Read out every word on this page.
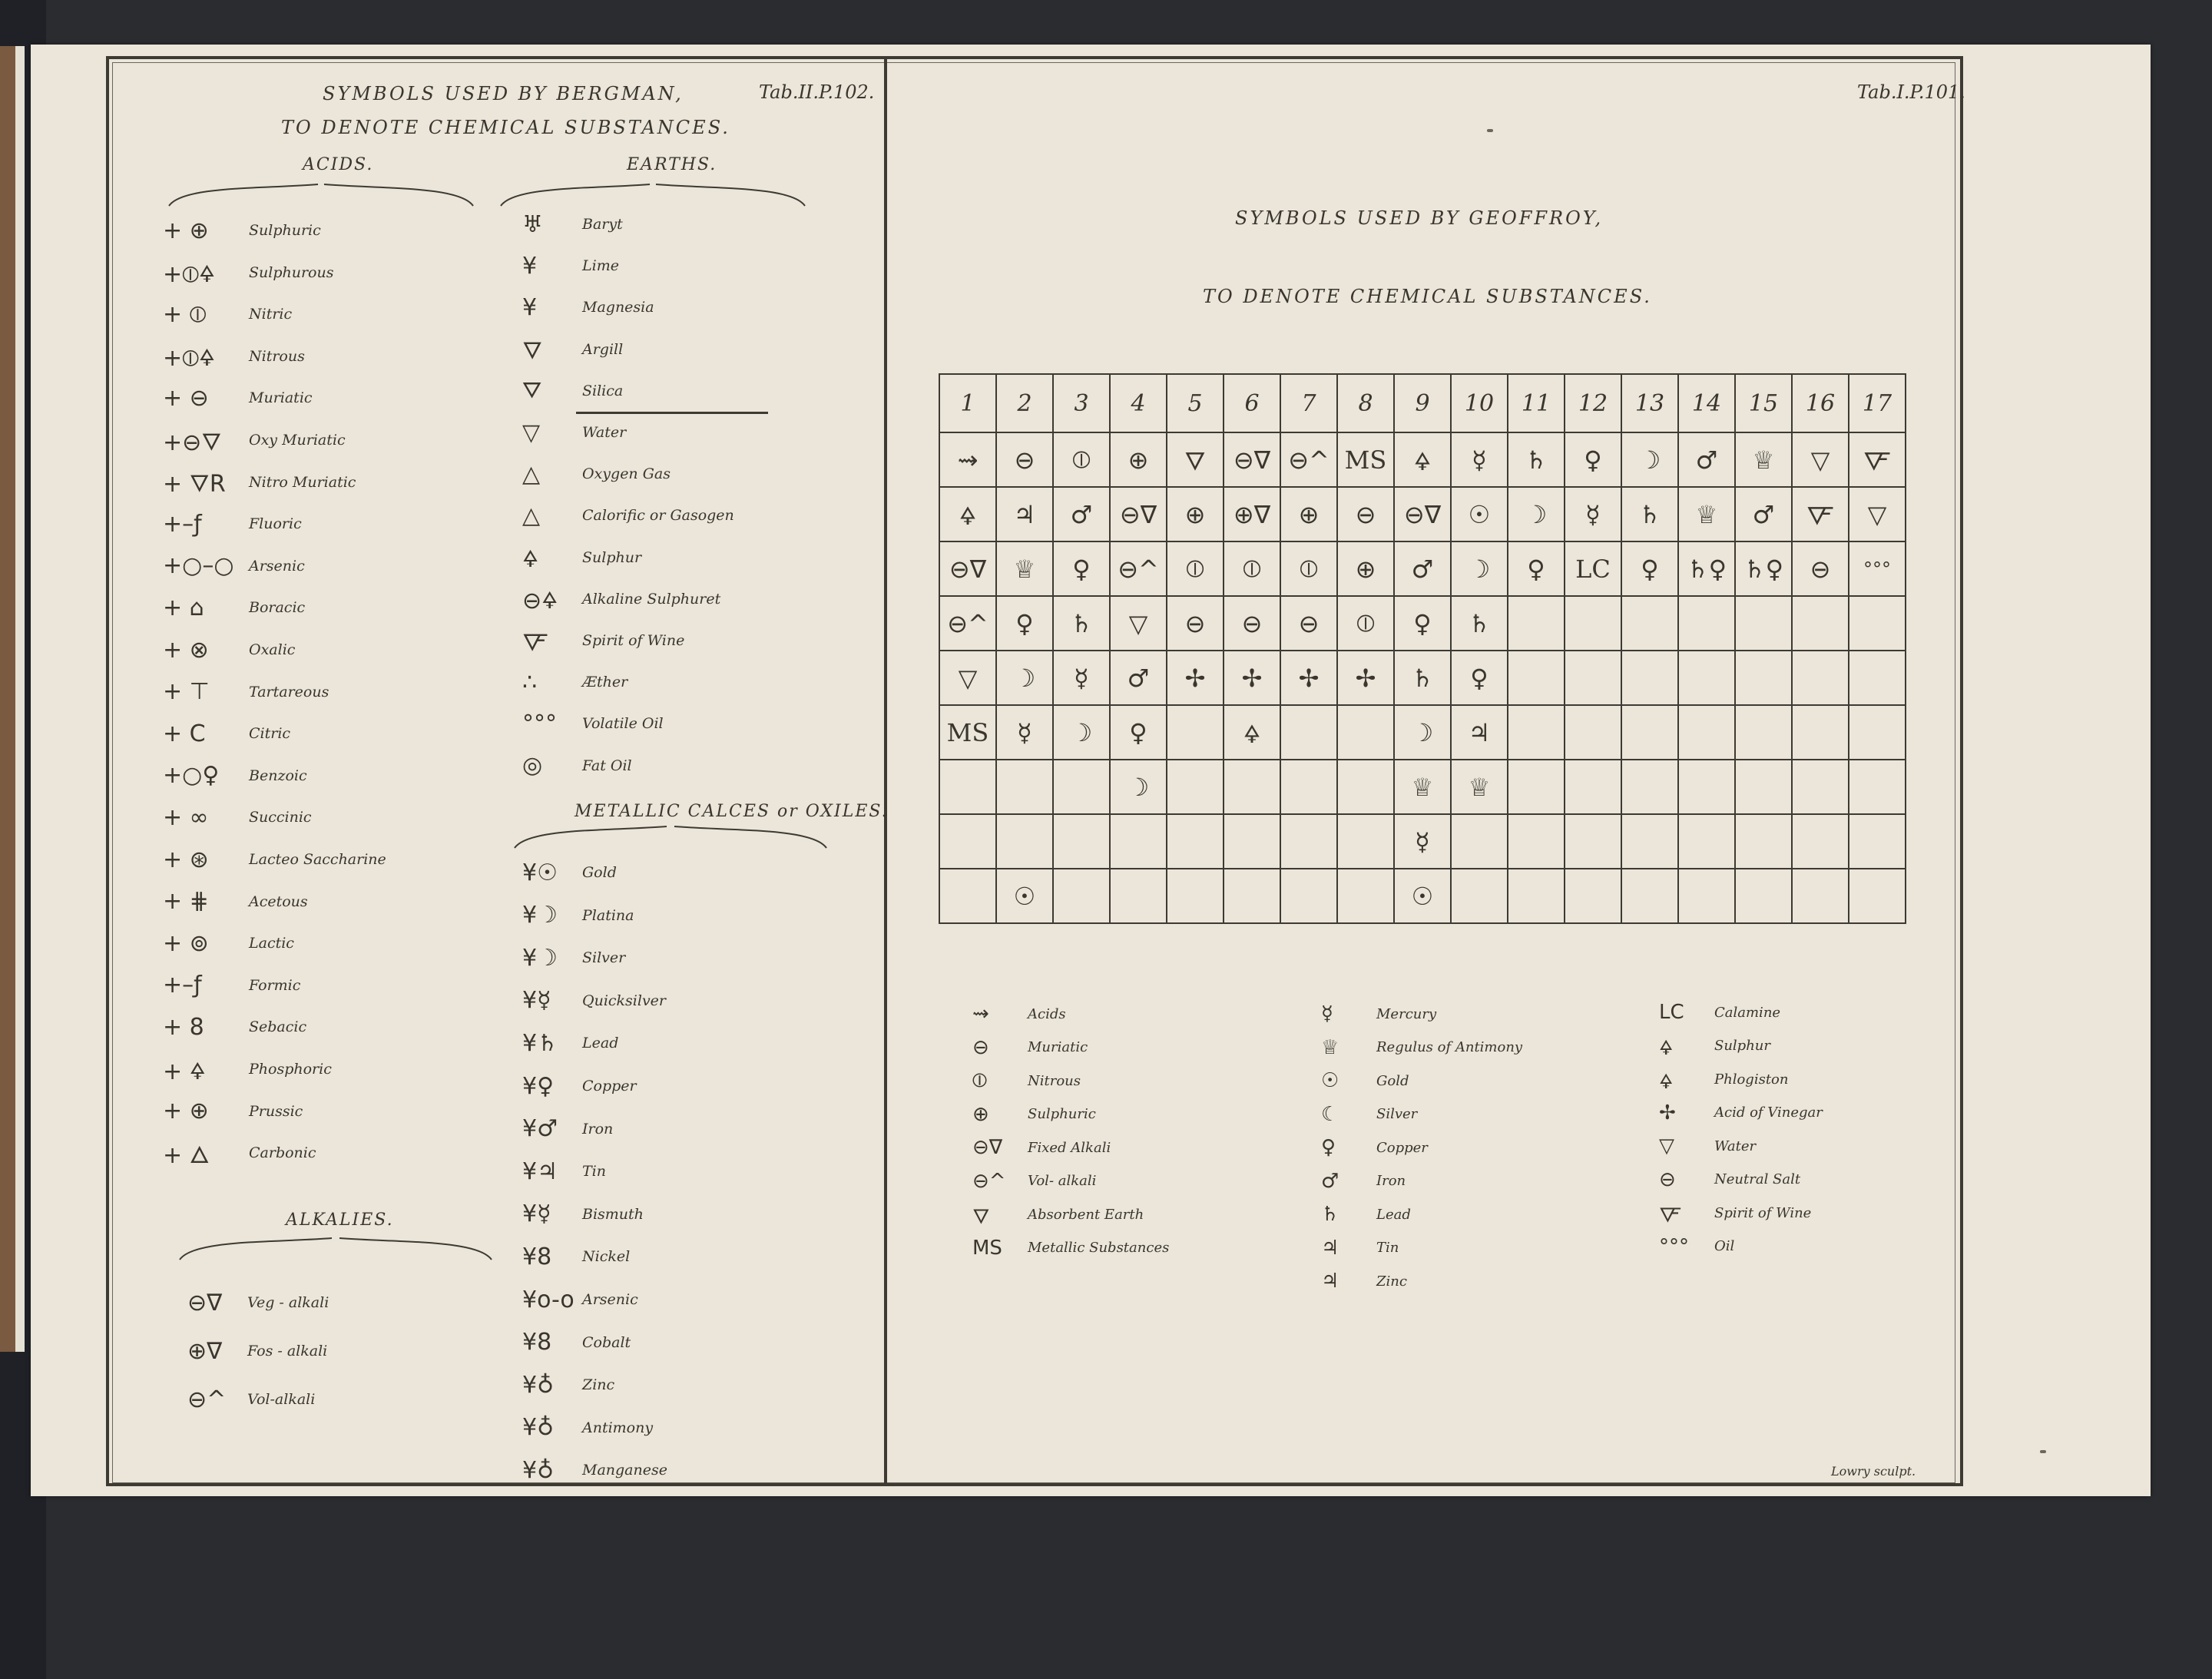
SYMBOLS USED BY BERGMAN,
TO DENOTE CHEMICAL SUBSTANCES.
Tab.II.P.102.
ACIDS.	EARTHS.
+ ⊕	Sulphuric
+⦶🜍	Sulphurous
+ ⦶	Nitric
+⦶🜍	Nitrous
+ ⊖	Muriatic
+⊖🜄	Oxy Muriatic
+ 🜄R	Nitro Muriatic
+–ƒ	Fluoric
+○–○	Arsenic
+ ⌂	Boracic
+ ⊗	Oxalic
+ ⊤	Tartareous
+ C	Citric
+○♀	Benzoic
+ ∞	Succinic
+ ⊛	Lacteo Saccharine
+ ⋕	Acetous
+ ⊚	Lactic
+–ƒ	Formic
+ 8	Sebacic
+ 🜍	Phosphoric
+ ⊕	Prussic
+ 🜂	Carbonic
♅	Baryt
¥	Lime
¥	Magnesia
🜄	Argill
⛛	Silica
▽	Water
△	Oxygen Gas
△	Calorific or Gasogen
🜍	Sulphur
⊖🜍	Alkaline Sulphuret
🜅	Spirit of Wine
∴	Æther
°°°	Volatile Oil
◎	Fat Oil
METALLIC CALCES or OXILES.
¥☉	Gold
¥☽	Platina
¥☽	Silver
¥☿	Quicksilver
¥♄	Lead
¥♀	Copper
¥♂	Iron
¥♃	Tin
¥☿	Bismuth
¥8	Nickel
¥o-o Arsenic
¥8	Cobalt
¥♁	Zinc
¥♁	Antimony
¥♁	Manganese
ALKALIES.
⊖∇	Veg - alkali
⊕∇	Fos - alkali
⊖^	Vol-alkali
Tab.I.P.101.
SYMBOLS USED BY GEOFFROY,
TO DENOTE CHEMICAL SUBSTANCES.
1	2	3	4	5	6	7	8	9	10	11	12	13	14	15	16	17
⇝	⊖	⦶	⊕	🜄	⊖∇	⊖^	MS	🜍	☿	♄	♀	☽	♂	♕	▽	🜅
🜍	♃	♂	⊖∇	⊕	⊕∇	⊕	⊖	⊖∇	☉	☽	☿	♄	♕	♂	🜅	▽
⊖∇	♕	♀	⊖^	⦶	⦶	⦶	⊕	♂	☽	♀	LC	♀	♄♀	♄♀	⊖	°°°
⊖^	♀	♄	▽	⊖	⊖	⊖	⦶	♀	♄							
▽	☽	☿	♂	✢	✢	✢	✢	♄	♀							
MS	☿	☽	♀		🜍			☽	♃							
			☽					♕	♕							
								☿								
	☉							☉								
⇝	Acids
⊖	Muriatic
⦶	Nitrous
⊕	Sulphuric
⊖∇	Fixed Alkali
⊖^	Vol- alkali
🜄	Absorbent Earth
MS	Metallic Substances
☿	Mercury
♕	Regulus of Antimony
☉	Gold
☾	Silver
♀	Copper
♂	Iron
♄	Lead
♃	Tin
♃	Zinc
LC	Calamine
🜍	Sulphur
🜍	Phlogiston
✢	Acid of Vinegar
▽	Water
⊖	Neutral Salt
🜅	Spirit of Wine
°°°	Oil
Lowry sculpt.
